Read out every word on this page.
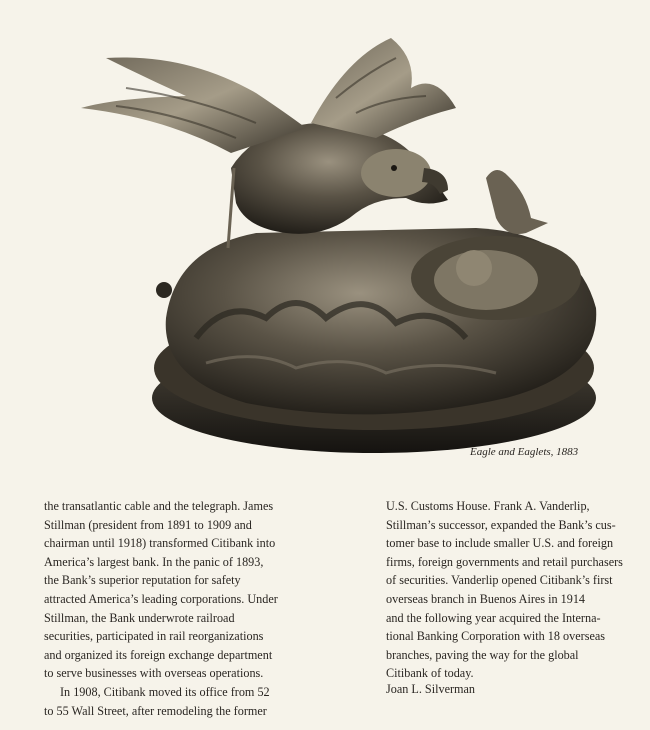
Eagle and Eaglets, 1883
the transatlantic cable and the telegraph. James
Stillman (president from 1891 to 1909 and
chairman until 1918) transformed Citibank into
America’s largest bank. In the panic of 1893,
the Bank’s superior reputation for safety
attracted America’s leading corporations. Under
Stillman, the Bank underwrote railroad
securities, participated in rail reorganizations
and organized its foreign exchange department
to serve businesses with overseas operations.
In 1908, Citibank moved its office from 52
to 55 Wall Street, after remodeling the former
U.S. Customs House. Frank A. Vanderlip,
Stillman’s successor, expanded the Bank’s cus-
tomer base to include smaller U.S. and foreign
firms, foreign governments and retail purchasers
of securities. Vanderlip opened Citibank’s first
overseas branch in Buenos Aires in 1914
and the following year acquired the Interna-
tional Banking Corporation with 18 overseas
branches, paving the way for the global
Citibank of today.
Joan L. Silverman
